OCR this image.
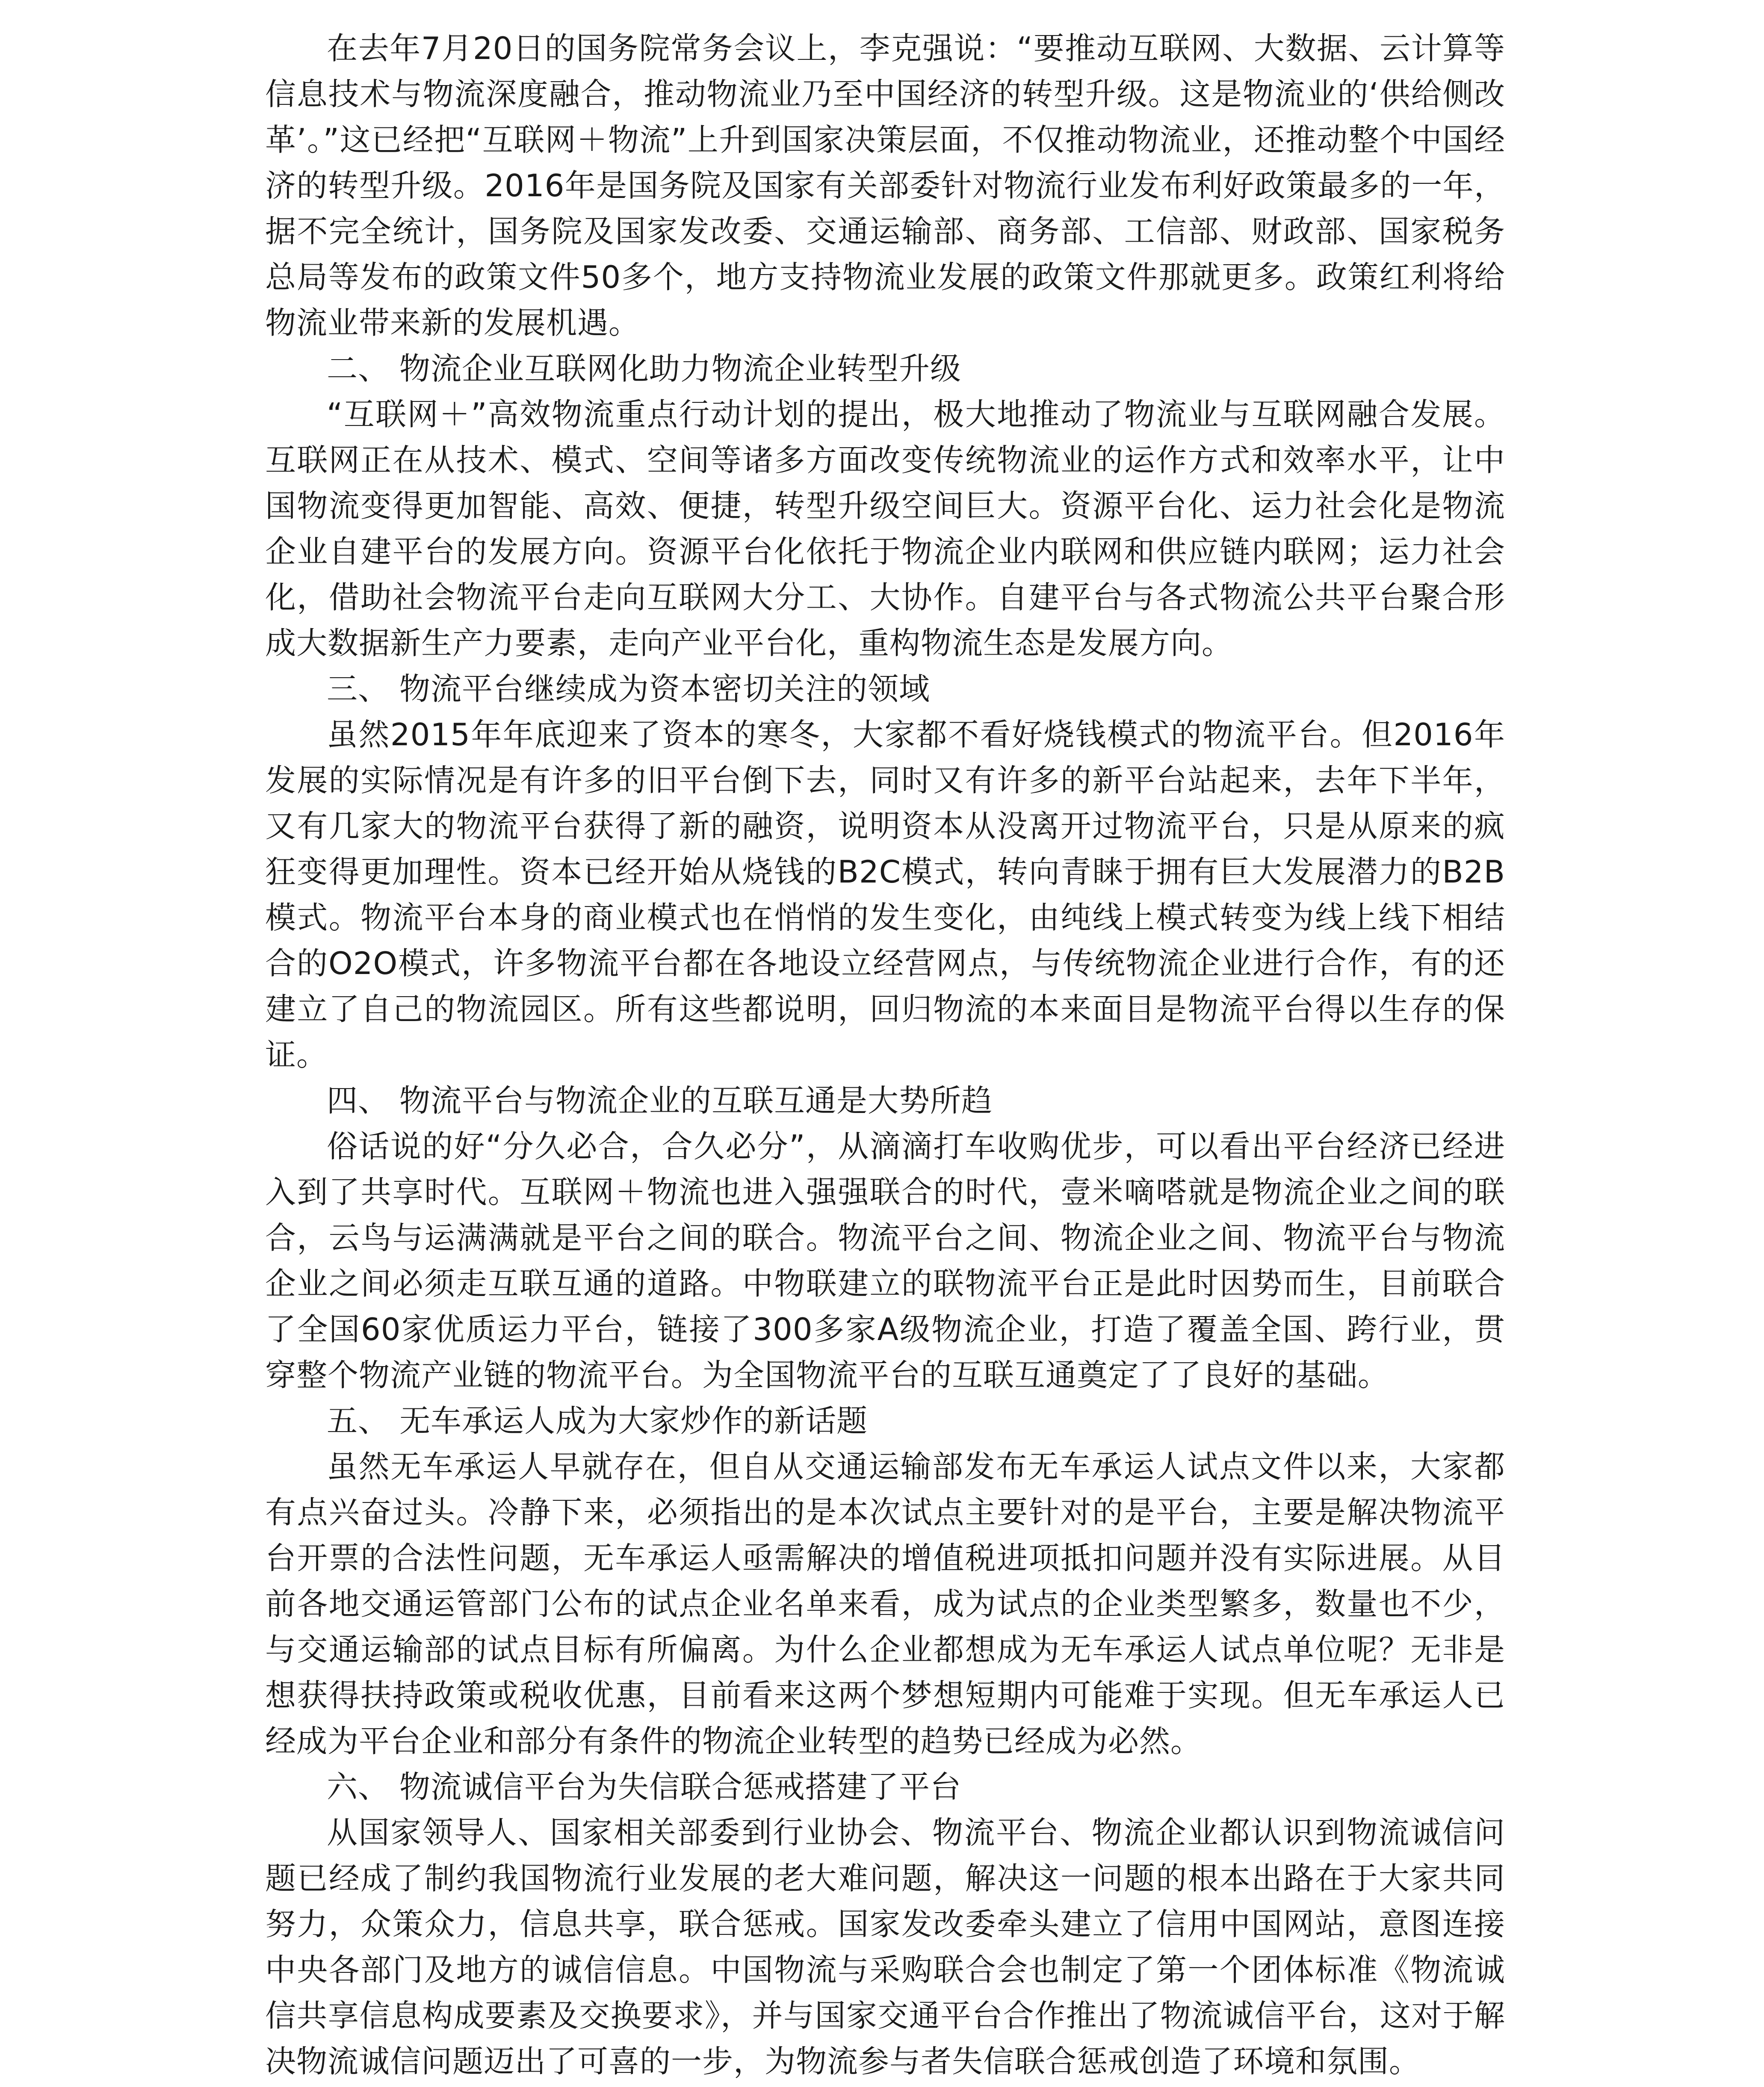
在去年7月20日的国务院常务会议上，李克强说：“要推动互联网、大数据、云计算等信息技术与物流深度融合，推动物流业乃至中国经济的转型升级。这是物流业的‘供给侧改革’。”这已经把“互联网＋物流”上升到国家决策层面，不仅推动物流业，还推动整个中国经济的转型升级。2016年是国务院及国家有关部委针对物流行业发布利好政策最多的一年，据不完全统计，国务院及国家发改委、交通运输部、商务部、工信部、财政部、国家税务总局等发布的政策文件50多个，地方支持物流业发展的政策文件那就更多。政策红利将给物流业带来新的发展机遇。

二、 物流企业互联网化助力物流企业转型升级

“互联网＋”高效物流重点行动计划的提出，极大地推动了物流业与互联网融合发展。互联网正在从技术、模式、空间等诸多方面改变传统物流业的运作方式和效率水平，让中国物流变得更加智能、高效、便捷，转型升级空间巨大。资源平台化、运力社会化是物流企业自建平台的发展方向。资源平台化依托于物流企业内联网和供应链内联网；运力社会化，借助社会物流平台走向互联网大分工、大协作。自建平台与各式物流公共平台聚合形成大数据新生产力要素，走向产业平台化，重构物流生态是发展方向。

三、 物流平台继续成为资本密切关注的领域

虽然2015年年底迎来了资本的寒冬，大家都不看好烧钱模式的物流平台。但2016年发展的实际情况是有许多的旧平台倒下去，同时又有许多的新平台站起来，去年下半年，又有几家大的物流平台获得了新的融资，说明资本从没离开过物流平台，只是从原来的疯狂变得更加理性。资本已经开始从烧钱的B2C模式，转向青睐于拥有巨大发展潜力的B2B模式。物流平台本身的商业模式也在悄悄的发生变化，由纯线上模式转变为线上线下相结合的O2O模式，许多物流平台都在各地设立经营网点，与传统物流企业进行合作，有的还建立了自己的物流园区。所有这些都说明，回归物流的本来面目是物流平台得以生存的保证。

四、 物流平台与物流企业的互联互通是大势所趋

俗话说的好“分久必合，合久必分”，从滴滴打车收购优步，可以看出平台经济已经进入到了共享时代。互联网＋物流也进入强强联合的时代，壹米嘀嗒就是物流企业之间的联合，云鸟与运满满就是平台之间的联合。物流平台之间、物流企业之间、物流平台与物流企业之间必须走互联互通的道路。中物联建立的联物流平台正是此时因势而生，目前联合了全国60家优质运力平台，链接了300多家A级物流企业，打造了覆盖全国、跨行业，贯穿整个物流产业链的物流平台。为全国物流平台的互联互通奠定了了良好的基础。

五、 无车承运人成为大家炒作的新话题

虽然无车承运人早就存在，但自从交通运输部发布无车承运人试点文件以来，大家都有点兴奋过头。冷静下来，必须指出的是本次试点主要针对的是平台，主要是解决物流平台开票的合法性问题，无车承运人亟需解决的增值税进项抵扣问题并没有实际进展。从目前各地交通运管部门公布的试点企业名单来看，成为试点的企业类型繁多，数量也不少，与交通运输部的试点目标有所偏离。为什么企业都想成为无车承运人试点单位呢？无非是想获得扶持政策或税收优惠，目前看来这两个梦想短期内可能难于实现。但无车承运人已经成为平台企业和部分有条件的物流企业转型的趋势已经成为必然。

六、 物流诚信平台为失信联合惩戒搭建了平台

从国家领导人、国家相关部委到行业协会、物流平台、物流企业都认识到物流诚信问题已经成了制约我国物流行业发展的老大难问题，解决这一问题的根本出路在于大家共同努力，众策众力，信息共享，联合惩戒。国家发改委牵头建立了信用中国网站，意图连接中央各部门及地方的诚信信息。中国物流与采购联合会也制定了第一个团体标准《物流诚信共享信息构成要素及交换要求》，并与国家交通平台合作推出了物流诚信平台，这对于解决物流诚信问题迈出了可喜的一步，为物流参与者失信联合惩戒创造了环境和氛围。
